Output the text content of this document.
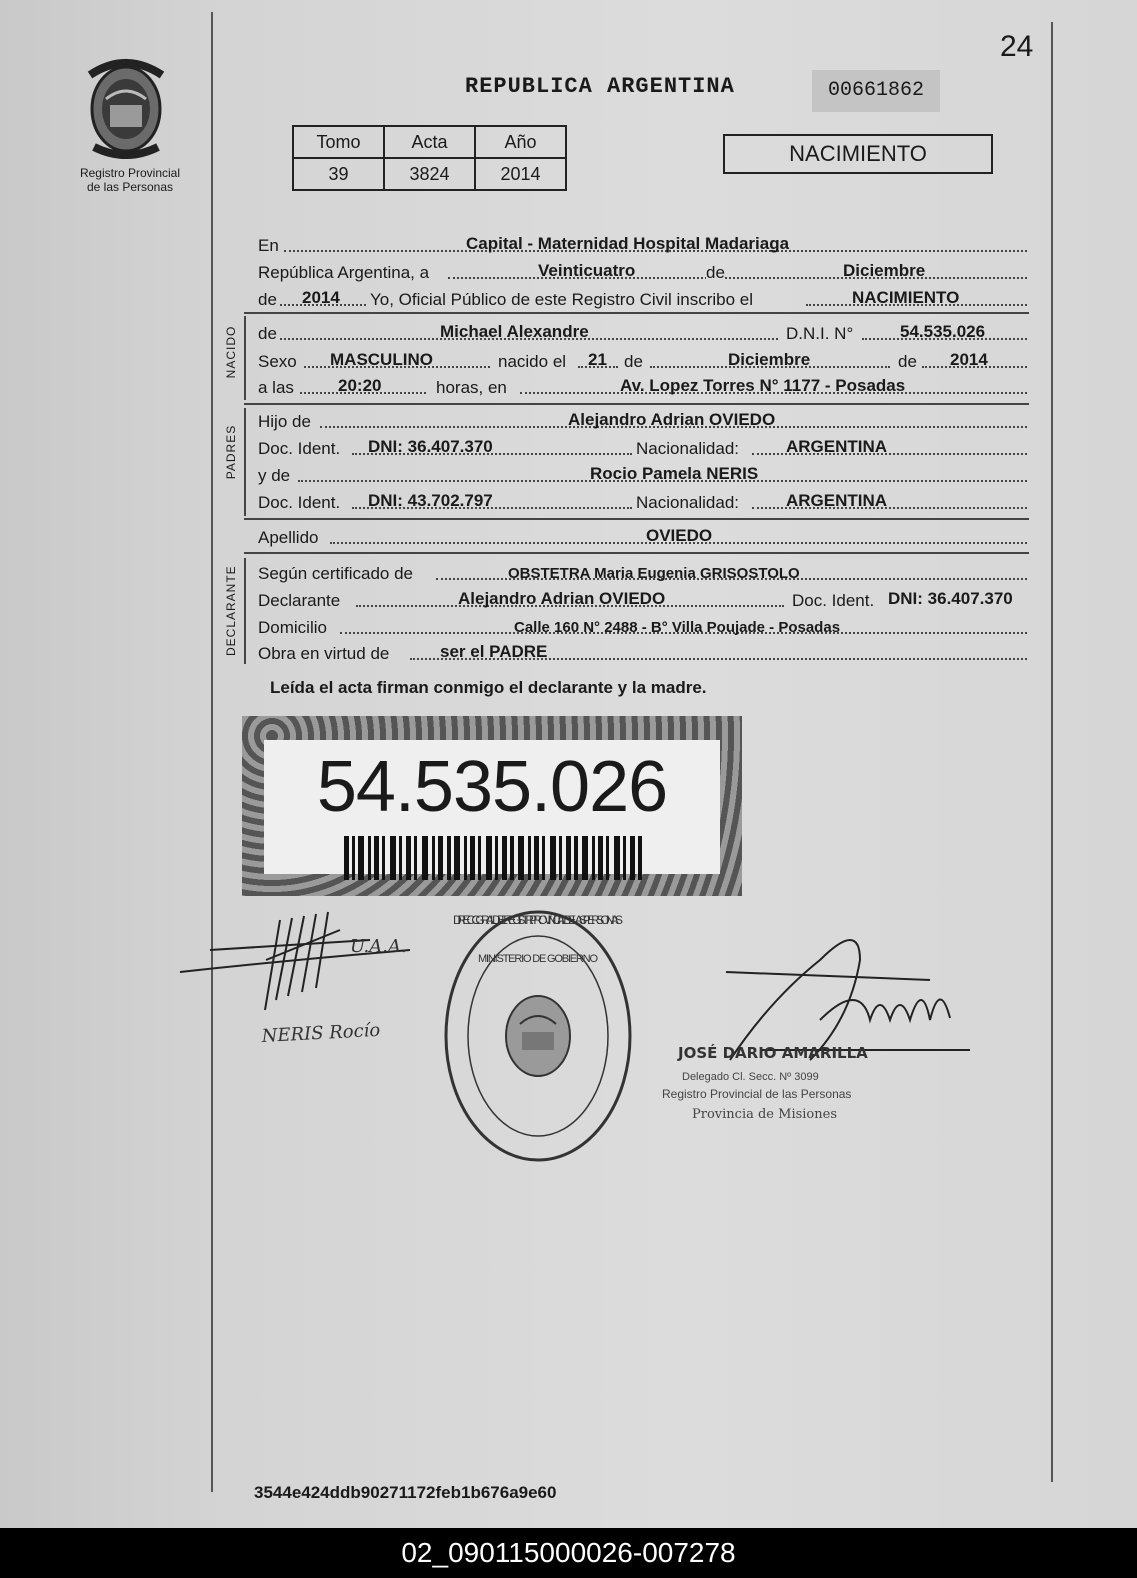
24
Registro Provincial
de las Personas
REPUBLICA ARGENTINA	00661862
Tomo	Acta	Año
39	3824	2014
NACIMIENTO
En	Capital - Maternidad Hospital Madariaga
República Argentina, a	Veinticuatro	de	Diciembre
de 2014 Yo, Oficial Público de este Registro Civil inscribo el	NACIMIENTO
NACIDO de	Michael Alexandre	D.N.I. N°	54.535.026
Sexo MASCULINO	nacido el 21 de	Diciembre	de 2014
a las	20:20	horas, en	Av. Lopez Torres N° 1177 - Posadas
PADRES
Hijo de	Alejandro Adrian OVIEDO
Doc. Ident. DNI: 36.407.370	Nacionalidad:	ARGENTINA
y de	Rocio Pamela NERIS
Doc. Ident. DNI: 43.702.797	Nacionalidad:	ARGENTINA
Apellido	OVIEDO
DECLARANTE Según certificado de	OBSTETRA Maria Eugenia GRISOSTOLO
Declarante	Alejandro Adrian OVIEDO	Doc. Ident. DNI: 36.407.370
Domicilio	Calle 160 N° 2488 - B° Villa Poujade - Posadas
Obra en virtud de	ser el PADRE
Leída el acta firman conmigo el declarante y la madre.
54.535.026
U.A.A.
NERIS Rocío
DIRECC. GRAL. DEL REGISTR. PROVINCIAL DE LAS PERSONAS
MINISTERIO DE GOBIERNO
JOSÉ DARIO AMARILLA
Delegado Cl. Secc. Nº 3099
Registro Provincial de las Personas
Provincia de Misiones
3544e424ddb90271172feb1b676a9e60
02_090115000026-007278
